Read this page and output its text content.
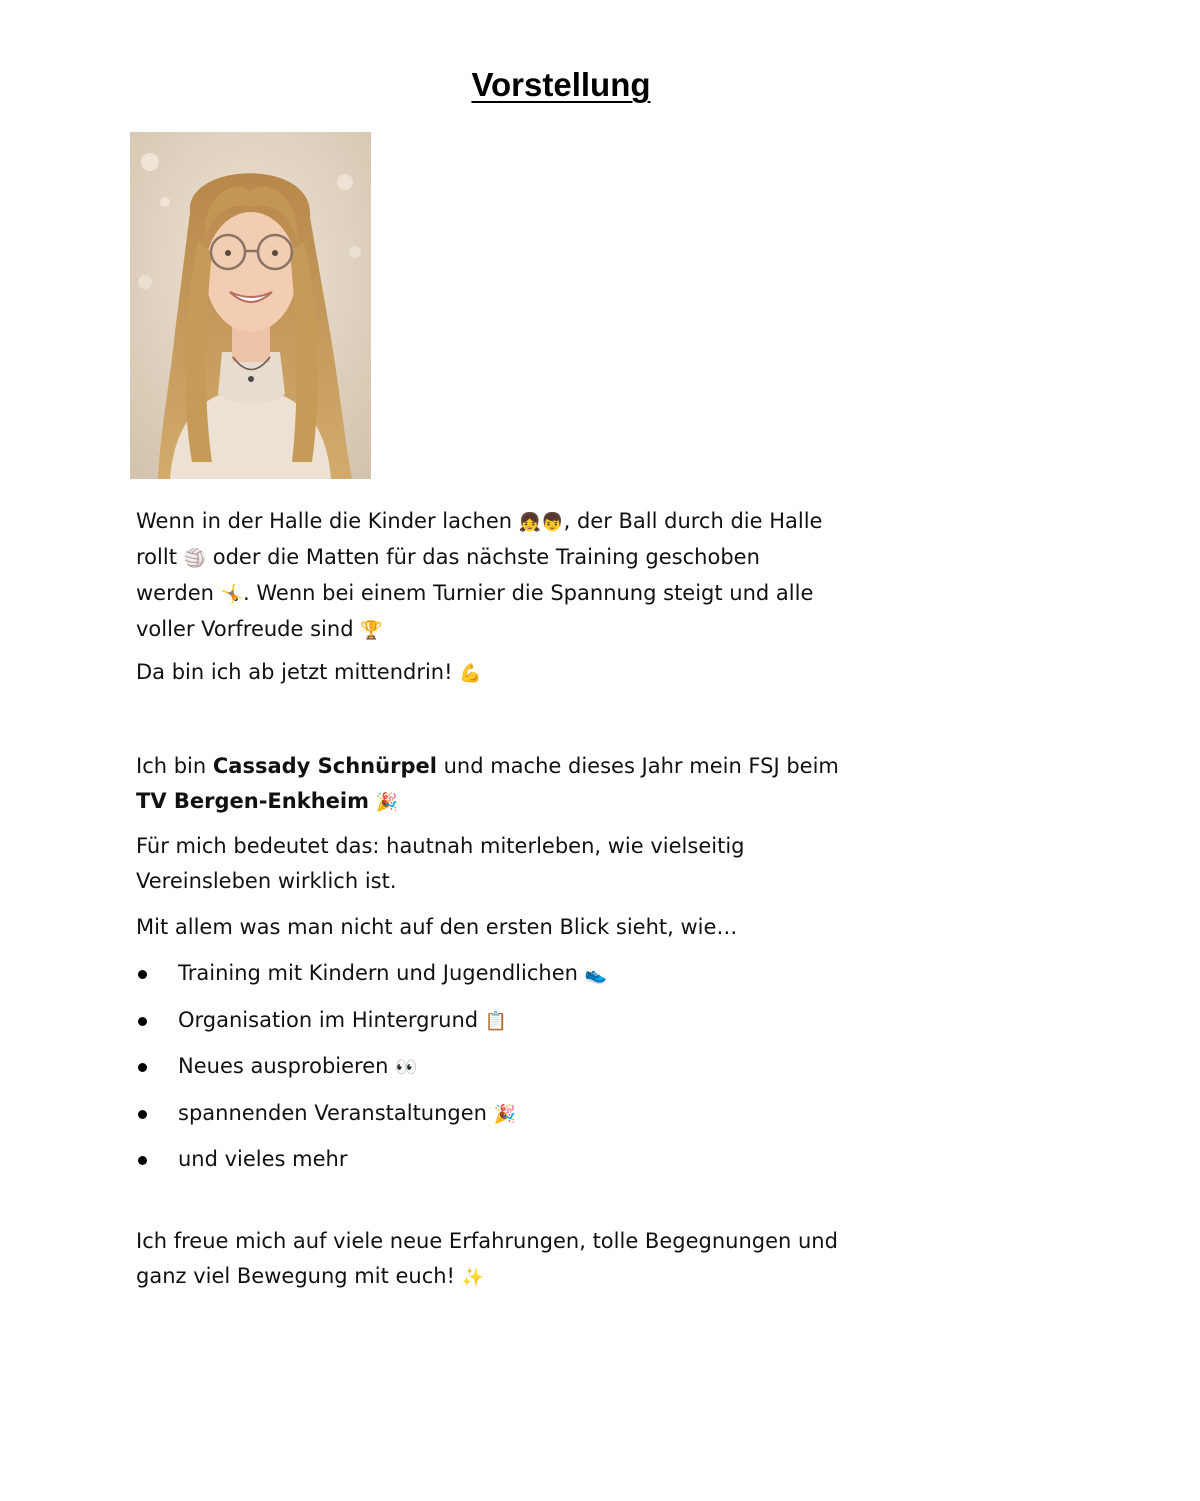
Vorstellung

Wenn in der Halle die Kinder lachen 👧👦, der Ball durch die Halle

rollt 🏐 oder die Matten für das nächste Training geschoben

werden 🤸. Wenn bei einem Turnier die Spannung steigt und alle

voller Vorfreude sind 🏆

Da bin ich ab jetzt mittendrin! 💪

Ich bin Cassady Schnürpel und mache dieses Jahr mein FSJ beim

TV Bergen-Enkheim 🎉

Für mich bedeutet das: hautnah miterleben, wie vielseitig

Vereinsleben wirklich ist.

Mit allem was man nicht auf den ersten Blick sieht, wie…

Training mit Kindern und Jugendlichen 👟
Organisation im Hintergrund 📋
Neues ausprobieren 👀
spannenden Veranstaltungen 🎉
und vieles mehr

Ich freue mich auf viele neue Erfahrungen, tolle Begegnungen und

ganz viel Bewegung mit euch! ✨
